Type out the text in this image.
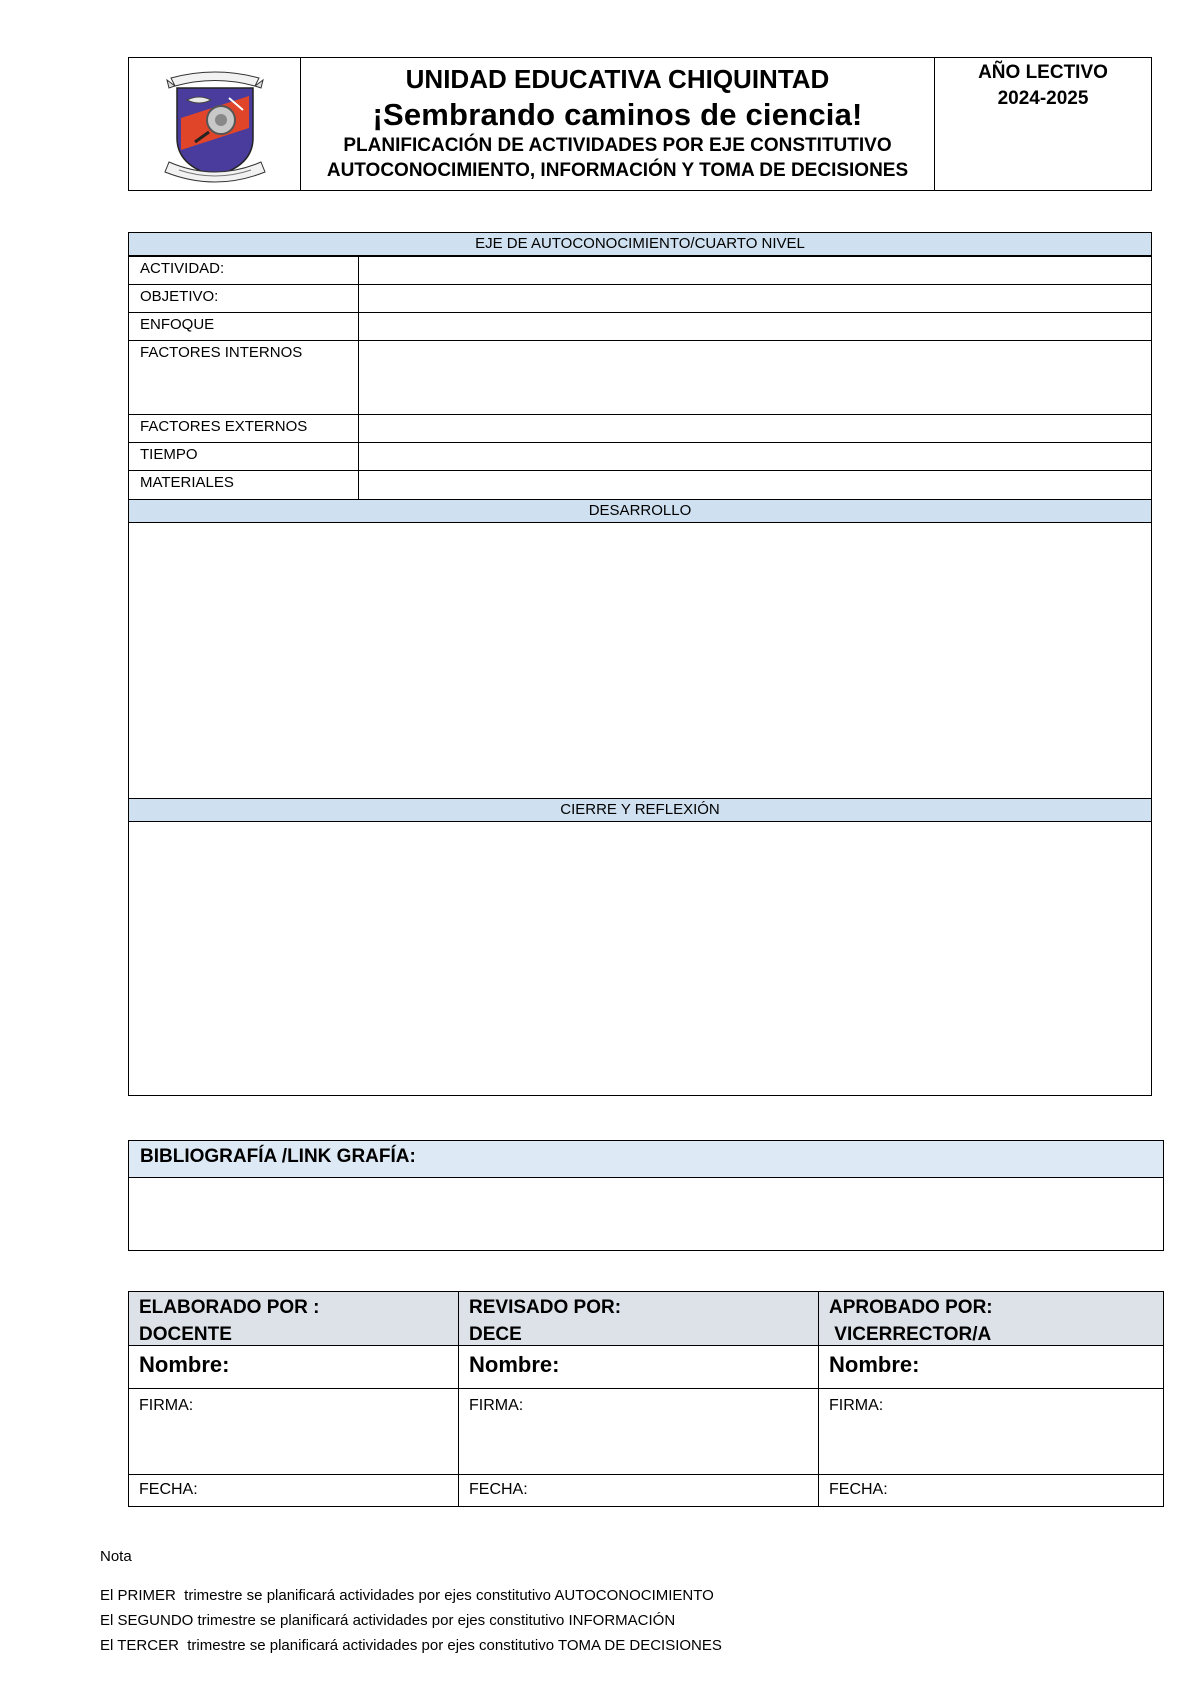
UNIDAD EDUCATIVA CHIQUINTAD
¡Sembrando caminos de ciencia!
PLANIFICACIÓN DE ACTIVIDADES POR EJE CONSTITUTIVO
AUTOCONOCIMIENTO, INFORMACIÓN Y TOMA DE DECISIONES
AÑO LECTIVO
2024-2025
EJE DE AUTOCONOCIMIENTO/CUARTO NIVEL
ACTIVIDAD:
OBJETIVO:
ENFOQUE
FACTORES INTERNOS
FACTORES EXTERNOS
TIEMPO
MATERIALES
DESARROLLO
CIERRE Y REFLEXIÓN
BIBLIOGRAFÍA /LINK GRAFÍA:
ELABORADO POR :
DOCENTE
Nombre:
FIRMA:
FECHA:
REVISADO POR:
DECE
Nombre:
FIRMA:
FECHA:
APROBADO POR:
VICERRECTOR/A
Nombre:
FIRMA:
FECHA:
Nota
El PRIMER  trimestre se planificará actividades por ejes constitutivo AUTOCONOCIMIENTO
El SEGUNDO trimestre se planificará actividades por ejes constitutivo INFORMACIÓN
El TERCER  trimestre se planificará actividades por ejes constitutivo TOMA DE DECISIONES
